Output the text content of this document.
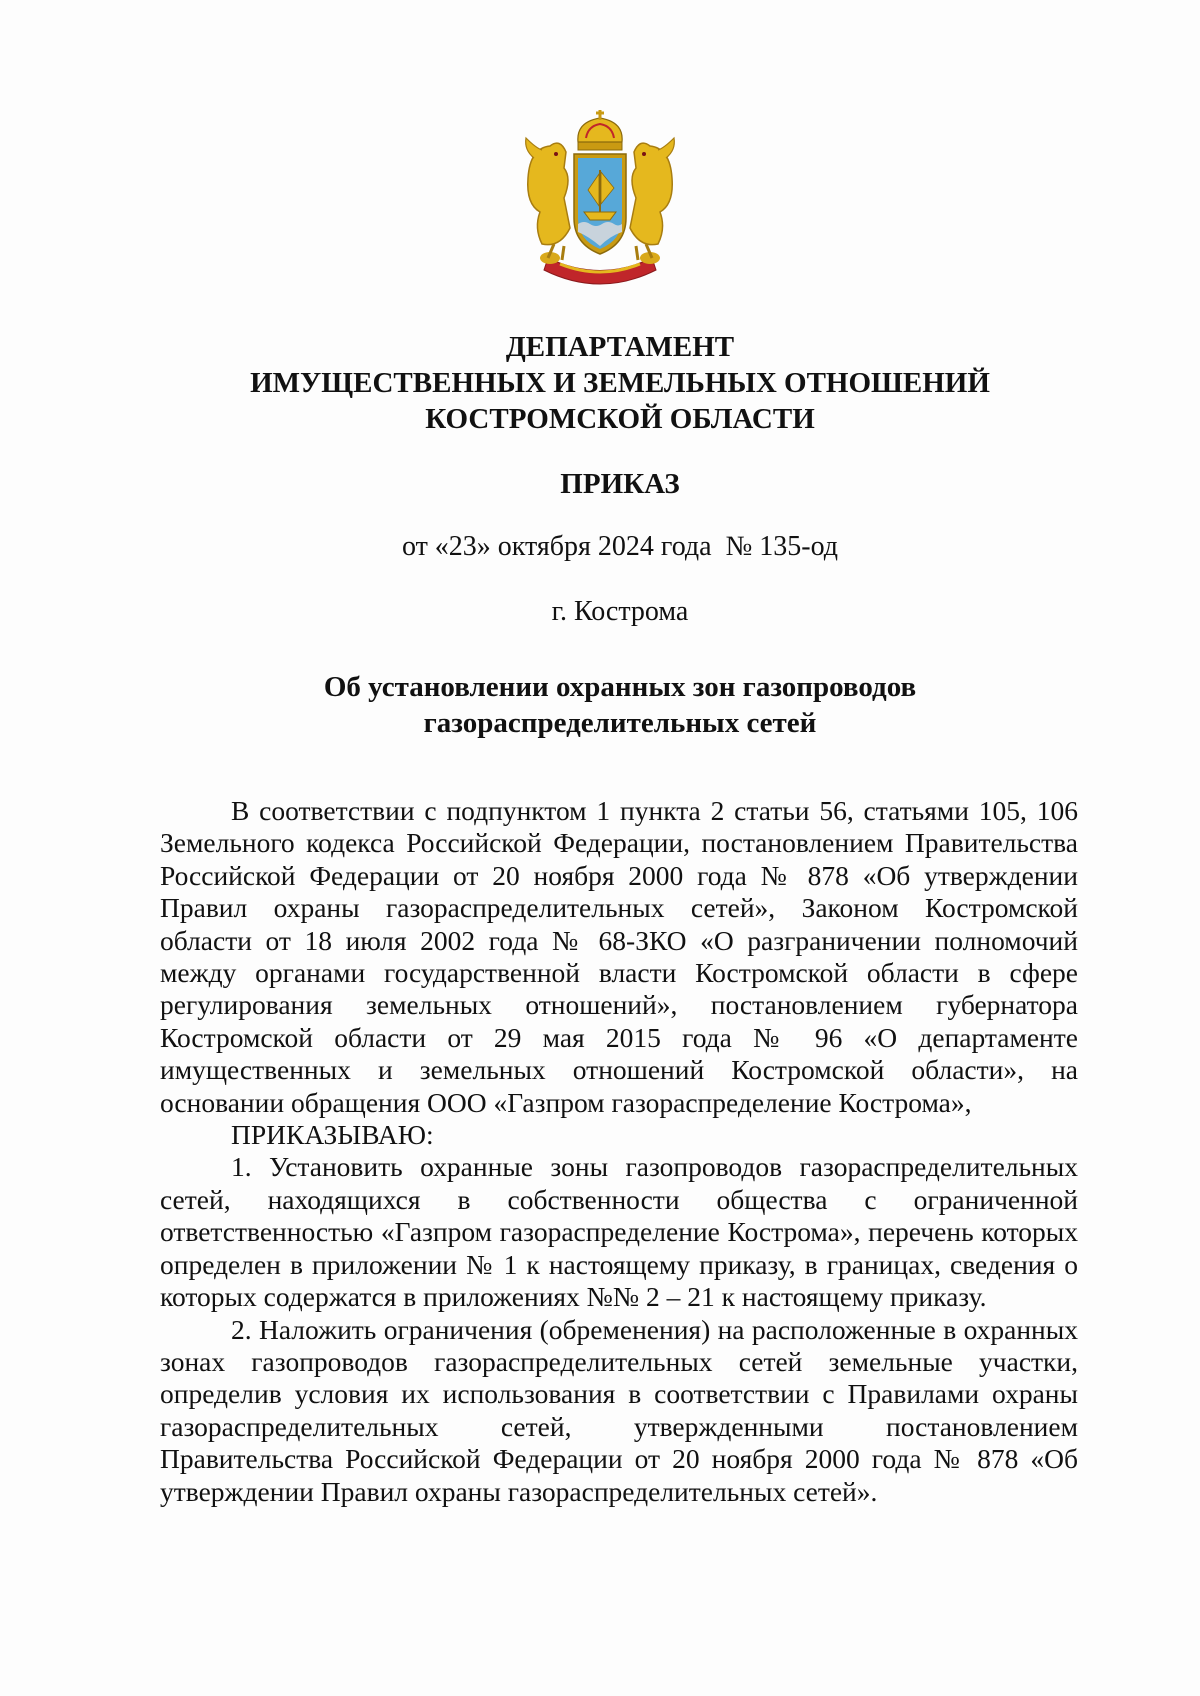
ДЕПАРТАМЕНТ
ИМУЩЕСТВЕННЫХ И ЗЕМЕЛЬНЫХ ОТНОШЕНИЙ
КОСТРОМСКОЙ ОБЛАСТИ
ПРИКАЗ
от «23» октября 2024 года  № 135-од
г. Кострома
Об установлении охранных зон газопроводов
газораспределительных сетей

В соответствии с подпунктом 1 пункта 2 статьи 56, статьями 105, 106 Земельного кодекса Российской Федерации, постановлением Правительства Российской Федерации от 20 ноября 2000 года № 878 «Об утверждении Правил охраны газораспределительных сетей», Законом Костромской области от 18 июля 2002 года № 68-ЗКО «О разграничении полномочий между органами государственной власти Костромской области в сфере регулирования земельных отношений», постановлением губернатора Костромской области от 29 мая 2015 года № 96 «О департаменте имущественных и земельных отношений Костромской области», на основании обращения ООО «Газпром газораспределение Кострома»,

ПРИКАЗЫВАЮ:

1. Установить охранные зоны газопроводов газораспределительных сетей, находящихся в собственности общества с ограниченной ответственностью «Газпром газораспределение Кострома», перечень которых определен в приложении № 1 к настоящему приказу, в границах, сведения о которых содержатся в приложениях №№ 2 – 21 к настоящему приказу.

2. Наложить ограничения (обременения) на расположенные в охранных зонах газопроводов газораспределительных сетей земельные участки, определив условия их использования в соответствии с Правилами охраны газораспределительных сетей, утвержденными постановлением Правительства Российской Федерации от 20 ноября 2000 года № 878 «Об утверждении Правил охраны газораспределительных сетей».
